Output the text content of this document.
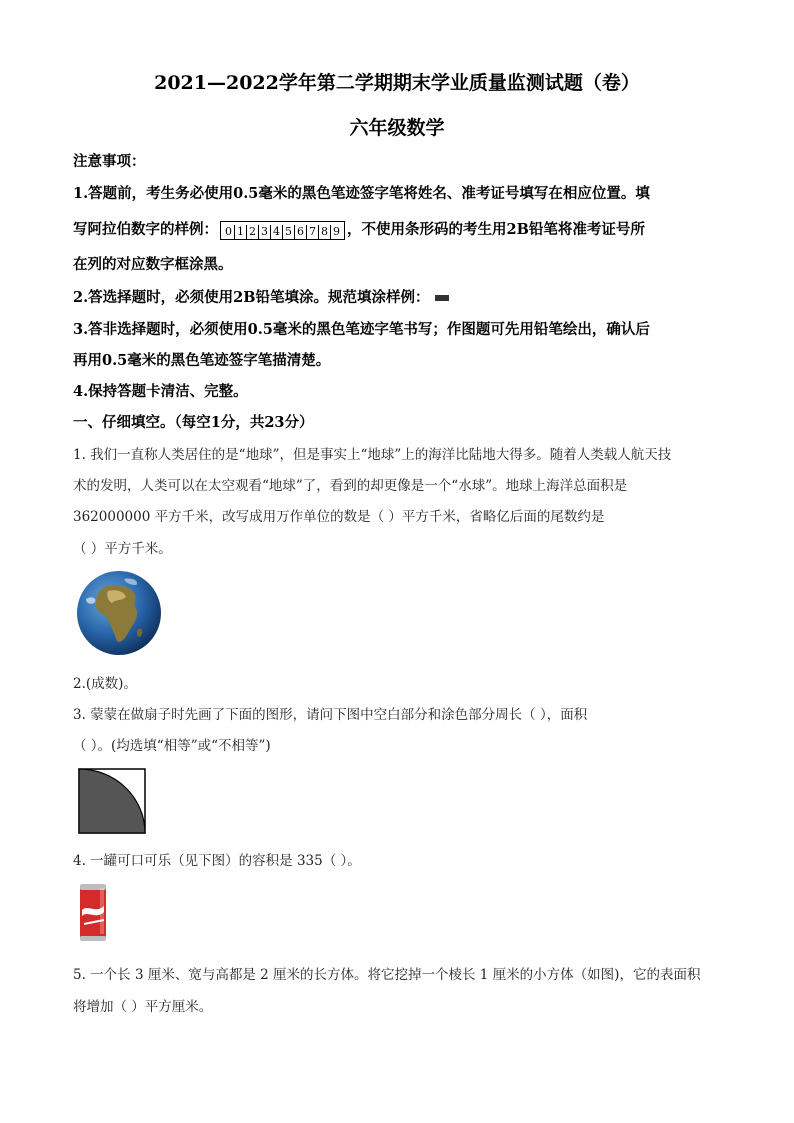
2021—2022学年第二学期期末学业质量监测试题（卷）
六年级数学
注意事项：
1.答题前，考生务必使用0.5毫米的黑色笔迹签字笔将姓名、准考证号填写在相应位置。填
写阿拉伯数字的样例： 0 1 2 3 4 5 6 7 8 9 ，不使用条形码的考生用2B铅笔将准考证号所
在列的对应数字框涂黑。
2.答选择题时，必须使用2B铅笔填涂。规范填涂样例：
3.答非选择题时，必须使用0.5毫米的黑色笔迹字笔书写；作图题可先用铅笔绘出，确认后
再用0.5毫米的黑色笔迹签字笔描清楚。
4.保持答题卡清洁、完整。
一、仔细填空。（每空1分，共23分）
1. 我们一直称人类居住的是“地球”，但是事实上“地球”上的海洋比陆地大得多。随着人类载人航天技
术的发明，人类可以在太空观看“地球”了，看到的却更像是一个“水球”。地球上海洋总面积是
362000000 平方千米，改写成用万作单位的数是（ ）平方千米，省略亿后面的尾数约是
（ ）平方千米。
2.(成数)。
3. 蒙蒙在做扇子时先画了下面的图形，请问下图中空白部分和涂色部分周长（ ），面积
（ ）。(均选填“相等”或“不相等”)
4. 一罐可口可乐（见下图）的容积是 335（ ）。
5. 一个长 3 厘米、宽与高都是 2 厘米的长方体。将它挖掉一个棱长 1 厘米的小方体（如图)，它的表面积
将增加（ ）平方厘米。
